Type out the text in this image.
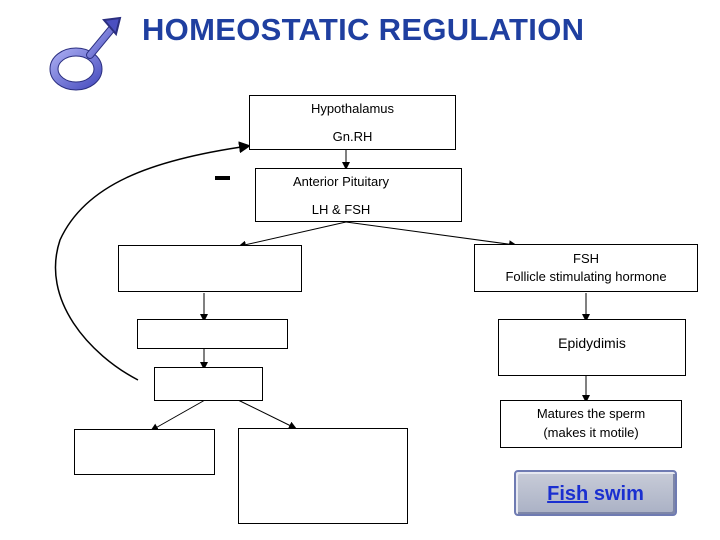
HOMEOSTATIC REGULATION
Hypothalamus
Gn.RH
Anterior Pituitary
LH & FSH
FSH
Follicle stimulating hormone
Epidydimis
Matures the sperm
(makes it motile)
Fish swim
